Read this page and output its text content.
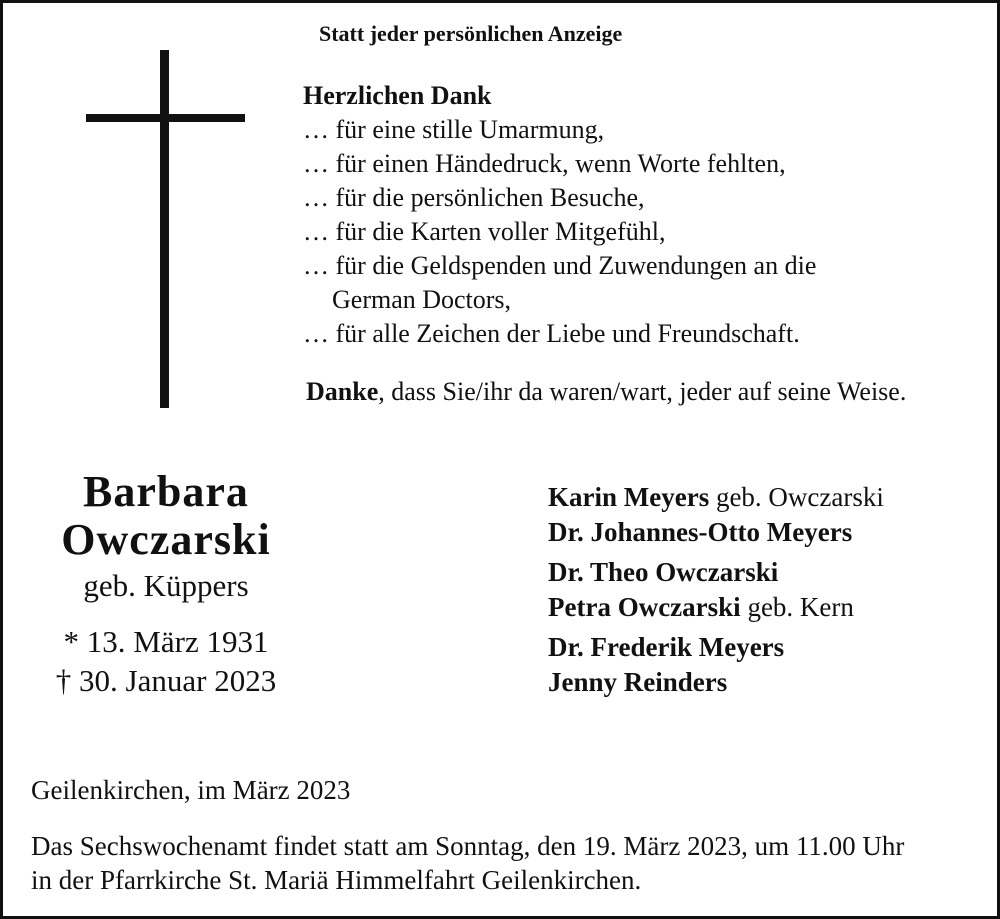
Statt jeder persönlichen Anzeige
Herzlichen Dank
… für eine stille Umarmung,
… für einen Händedruck, wenn Worte fehlten,
… für die persönlichen Besuche,
… für die Karten voller Mitgefühl,
… für die Geldspenden und Zuwendungen an die
German Doctors,
… für alle Zeichen der Liebe und Freundschaft.
Danke, dass Sie/ihr da waren/wart, jeder auf seine Weise.
Barbara
Owczarski
geb. Küppers
* 13. März 1931
† 30. Januar 2023
Karin Meyers geb. Owczarski
Dr. Johannes-Otto Meyers
Dr. Theo Owczarski
Petra Owczarski geb. Kern
Dr. Frederik Meyers
Jenny Reinders
Geilenkirchen, im März 2023
Das Sechswochenamt findet statt am Sonntag, den 19. März 2023, um 11.00 Uhr
in der Pfarrkirche St. Mariä Himmelfahrt Geilenkirchen.
